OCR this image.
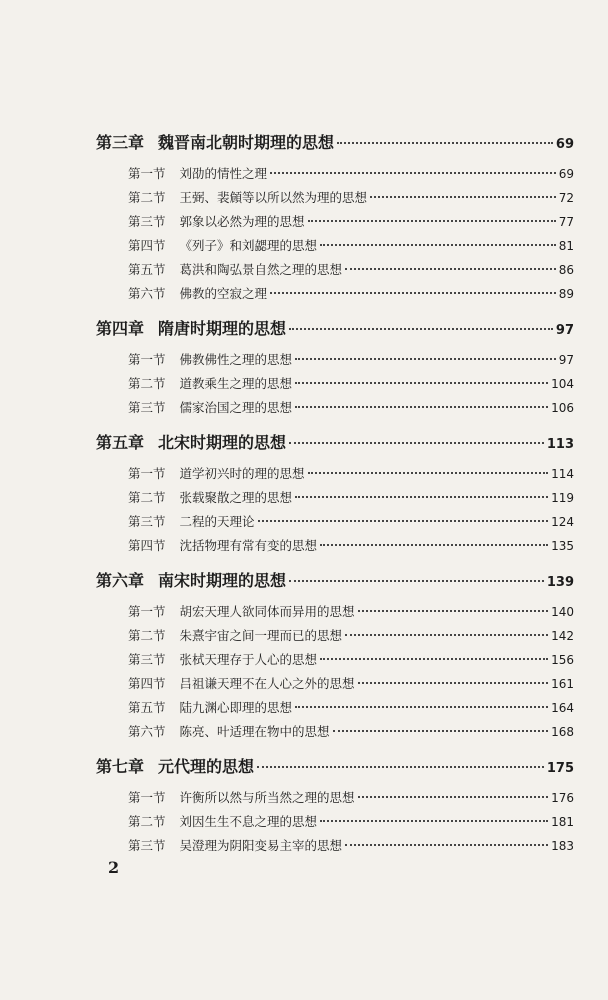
第三章 魏晋南北朝时期理的思想	69
第一节 刘劭的情性之理	69
第二节 王弼、裴頠等以所以然为理的思想	72
第三节 郭象以必然为理的思想	77
第四节 《列子》和刘勰理的思想	81
第五节 葛洪和陶弘景自然之理的思想	86
第六节 佛教的空寂之理	89
第四章 隋唐时期理的思想	97
第一节 佛教佛性之理的思想	97
第二节 道教乘生之理的思想	104
第三节 儒家治国之理的思想	106
第五章 北宋时期理的思想	113
第一节 道学初兴时的理的思想	114
第二节 张载聚散之理的思想	119
第三节 二程的天理论	124
第四节 沈括物理有常有变的思想	135
第六章 南宋时期理的思想	139
第一节 胡宏天理人欲同体而异用的思想	140
第二节 朱熹宇宙之间一理而已的思想	142
第三节 张栻天理存于人心的思想	156
第四节 吕祖谦天理不在人心之外的思想	161
第五节 陆九渊心即理的思想	164
第六节 陈亮、叶适理在物中的思想	168
第七章 元代理的思想	175
第一节 许衡所以然与所当然之理的思想	176
第二节 刘因生生不息之理的思想	181
第三节 吴澄理为阴阳变易主宰的思想	183
2
